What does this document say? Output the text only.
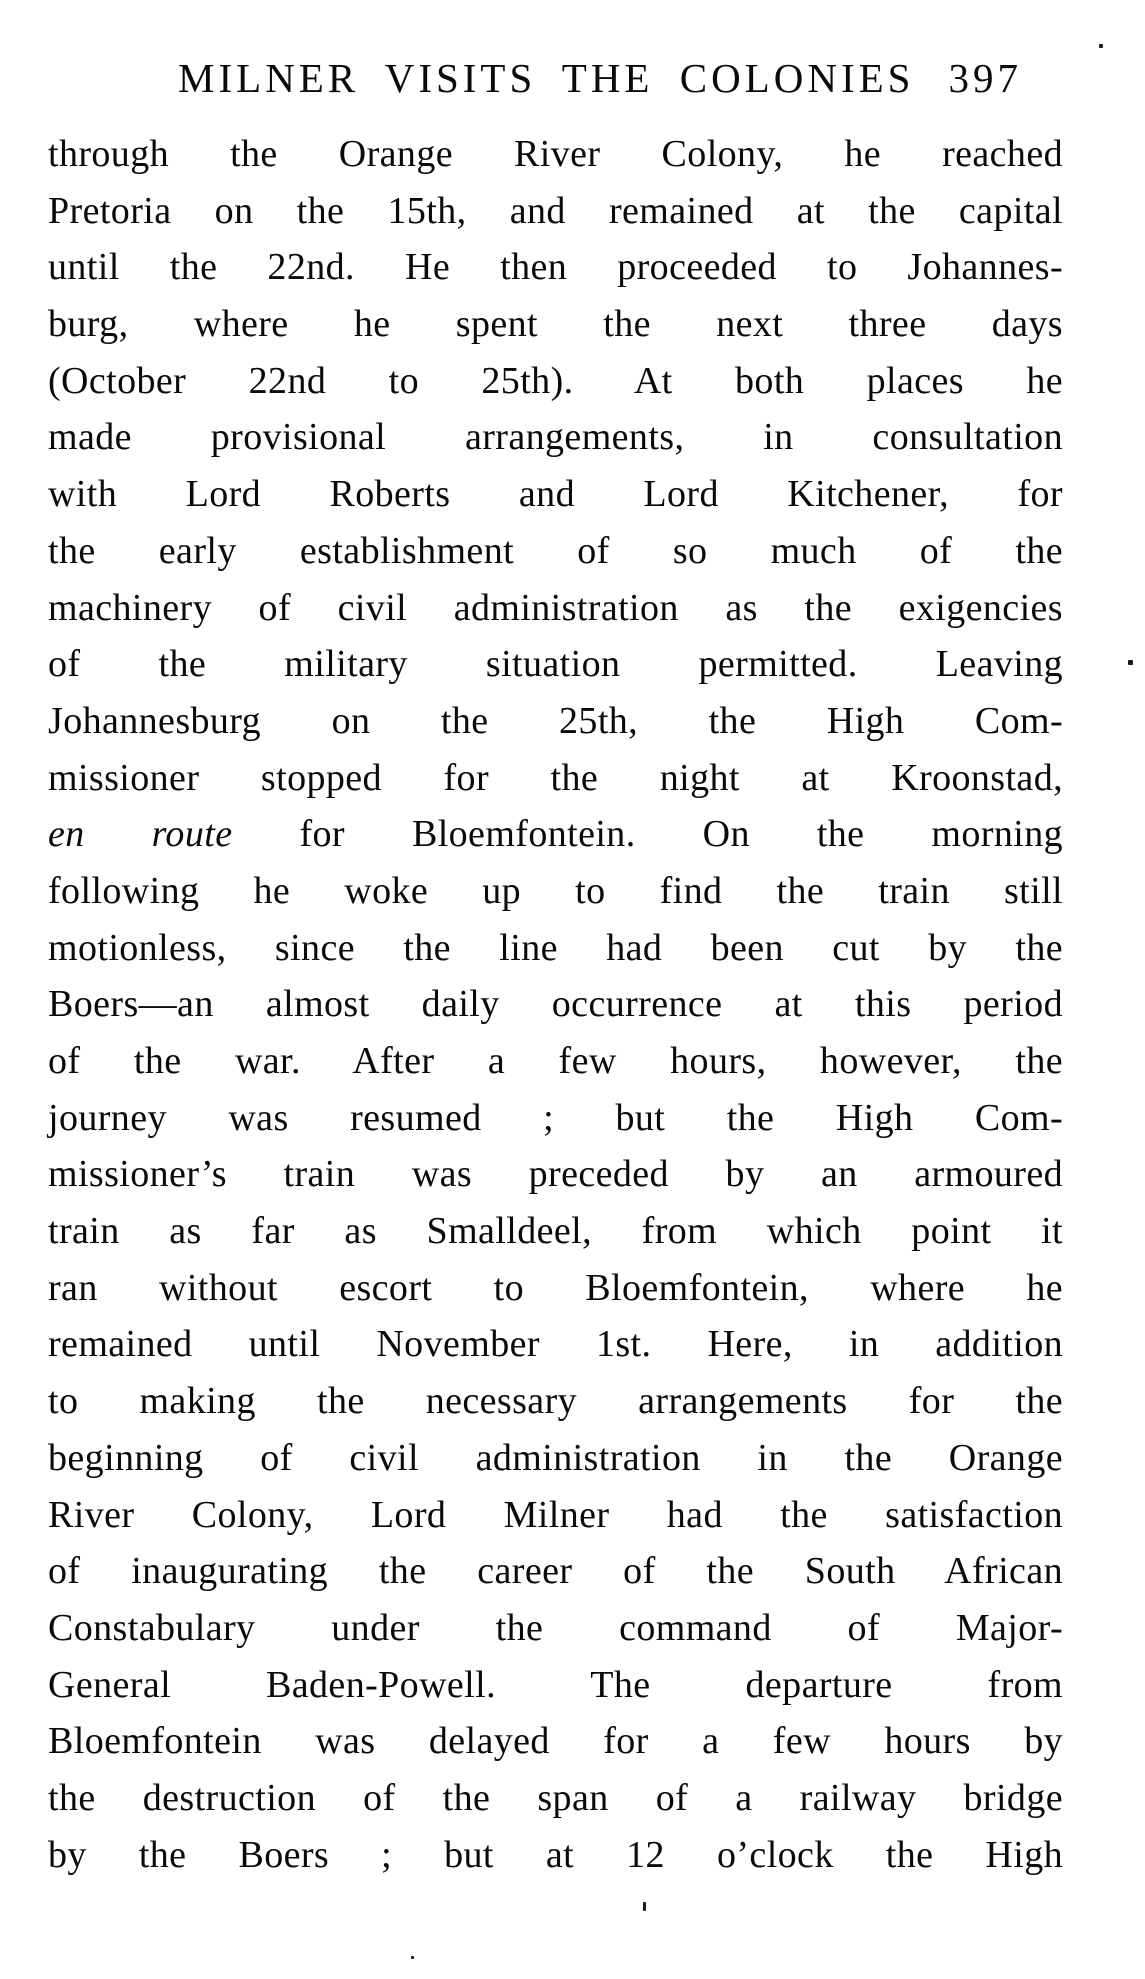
MILNER VISITS THE COLONIES 397
through the Orange River Colony, he reached
Pretoria on the 15th, and remained at the capital
until the 22nd. He then proceeded to Johannes-
burg, where he spent the next three days
(October 22nd to 25th). At both places he
made provisional arrangements, in consultation
with Lord Roberts and Lord Kitchener, for
the early establishment of so much of the
machinery of civil administration as the exigencies
of the military situation permitted. Leaving
Johannesburg on the 25th, the High Com-
missioner stopped for the night at Kroonstad,
en route for Bloemfontein. On the morning
following he woke up to find the train still
motionless, since the line had been cut by the
Boers—an almost daily occurrence at this period
of the war. After a few hours, however, the
journey was resumed ; but the High Com-
missioner’s train was preceded by an armoured
train as far as Smalldeel, from which point it
ran without escort to Bloemfontein, where he
remained until November 1st. Here, in addition
to making the necessary arrangements for the
beginning of civil administration in the Orange
River Colony, Lord Milner had the satisfaction
of inaugurating the career of the South African
Constabulary under the command of Major-
General Baden-Powell. The departure from
Bloemfontein was delayed for a few hours by
the destruction of the span of a railway bridge
by the Boers ; but at 12 o’clock the High
